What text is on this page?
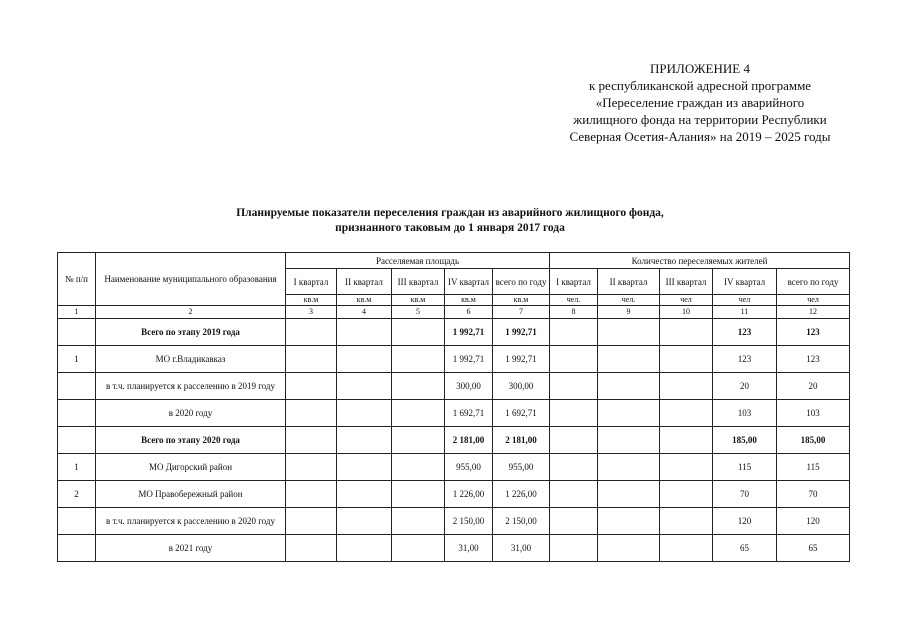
ПРИЛОЖЕНИЕ 4
к республиканской адресной программе
«Переселение граждан из аварийного
жилищного фонда на территории Республики
Северная Осетия-Алания» на 2019 – 2025 годы
Планируемые показатели переселения граждан из аварийного жилищного фонда,
признанного таковым до 1 января 2017 года
№ п/п	Наименование муниципального образования	Расселяемая площадь					Количество переселяемых жителей				
		I квартал	II квартал	III квартал	IV квартал	всего по году	I квартал	II квартал	III квартал	IV квартал	всего по году
		кв.м	кв.м	кв.м	кв.м	кв.м	чел.	чел.	чел	чел	чел
1	2	3	4	5	6	7	8	9	10	11	12
	Всего по этапу 2019 года				1 992,71	1 992,71				123	123
1	МО г.Владикавказ				1 992,71	1 992,71				123	123
	в т.ч. планируется к расселению в 2019 году				300,00	300,00				20	20
	в 2020 году				1 692,71	1 692,71				103	103
	Всего по этапу 2020 года				2 181,00	2 181,00				185,00	185,00
1	МО Дигорский район				955,00	955,00				115	115
2	МО Правобережный район				1 226,00	1 226,00				70	70
	в т.ч. планируется к расселению в 2020 году				2 150,00	2 150,00				120	120
	в 2021 году				31,00	31,00				65	65
